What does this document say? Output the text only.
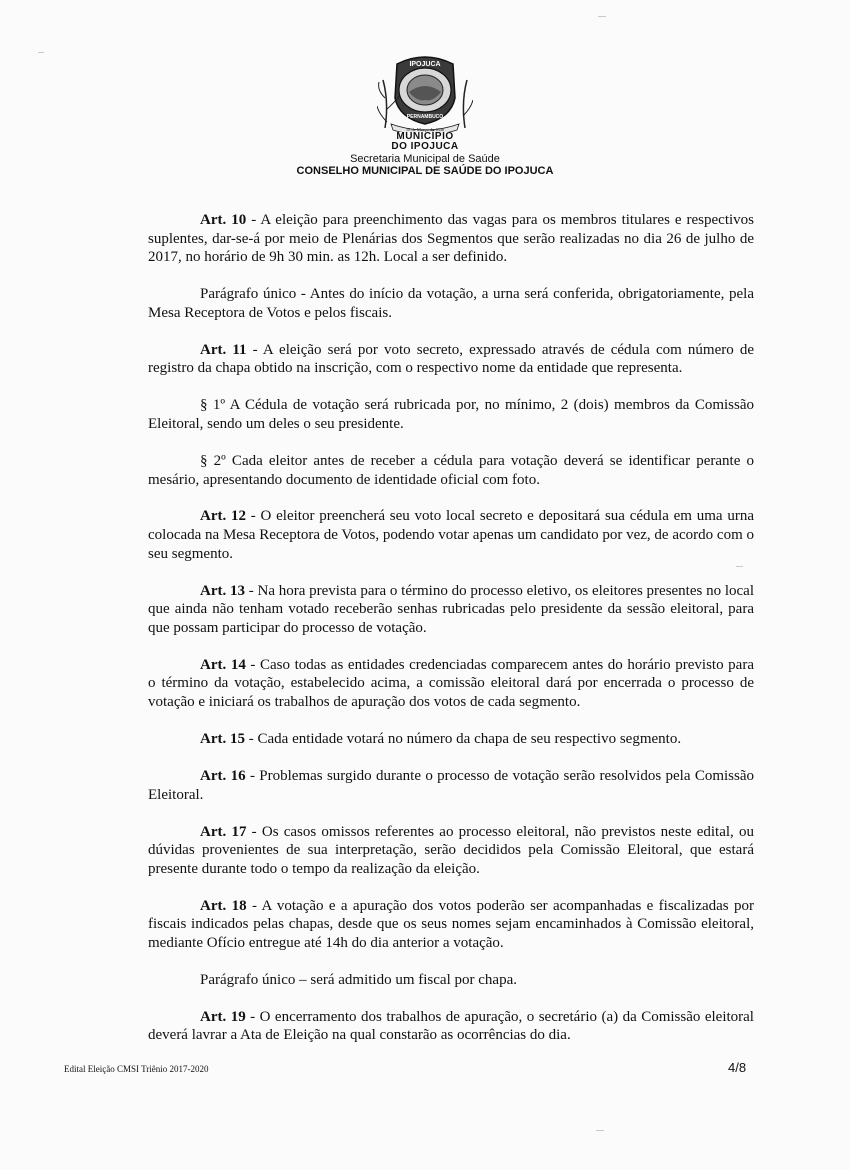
IPOJUCA
PERNAMBUCO
18 de Março de 1846
MUNICÍPIO
DO IPOJUCA
Secretaria Municipal de Saúde
CONSELHO MUNICIPAL DE SAÚDE DO IPOJUCA

Art. 10 - A eleição para preenchimento das vagas para os membros titulares e respectivos suplentes, dar-se-á por meio de Plenárias dos Segmentos que serão realizadas no dia 26 de julho de 2017, no horário de 9h 30 min. as 12h. Local a ser definido.

Parágrafo único - Antes do início da votação, a urna será conferida, obrigatoriamente, pela Mesa Receptora de Votos e pelos fiscais.

Art. 11 - A eleição será por voto secreto, expressado através de cédula com número de registro da chapa obtido na inscrição, com o respectivo nome da entidade que representa.

§ 1º A Cédula de votação será rubricada por, no mínimo, 2 (dois) membros da Comissão Eleitoral, sendo um deles o seu presidente.

§ 2º Cada eleitor antes de receber a cédula para votação deverá se identificar perante o mesário, apresentando documento de identidade oficial com foto.

Art. 12 - O eleitor preencherá seu voto local secreto e depositará sua cédula em uma urna colocada na Mesa Receptora de Votos, podendo votar apenas um candidato por vez, de acordo com o seu segmento.

Art. 13 - Na hora prevista para o término do processo eletivo, os eleitores presentes no local que ainda não tenham votado receberão senhas rubricadas pelo presidente da sessão eleitoral, para que possam participar do processo de votação.

Art. 14 - Caso todas as entidades credenciadas comparecem antes do horário previsto para o término da votação, estabelecido acima, a comissão eleitoral dará por encerrada o processo de votação e iniciará os trabalhos de apuração dos votos de cada segmento.

Art. 15 - Cada entidade votará no número da chapa de seu respectivo segmento.

Art. 16 - Problemas surgido durante o processo de votação serão resolvidos pela Comissão Eleitoral.

Art. 17 - Os casos omissos referentes ao processo eleitoral, não previstos neste edital, ou dúvidas provenientes de sua interpretação, serão decididos pela Comissão Eleitoral, que estará presente durante todo o tempo da realização da eleição.

Art. 18 - A votação e a apuração dos votos poderão ser acompanhadas e fiscalizadas por fiscais indicados pelas chapas, desde que os seus nomes sejam encaminhados à Comissão eleitoral, mediante Ofício entregue até 14h do dia anterior a votação.

Parágrafo único – será admitido um fiscal por chapa.

Art. 19 - O encerramento dos trabalhos de apuração, o secretário (a) da Comissão eleitoral deverá lavrar a Ata de Eleição na qual constarão as ocorrências do dia.

Edital Eleição CMSI Triênio 2017-2020	4/8
